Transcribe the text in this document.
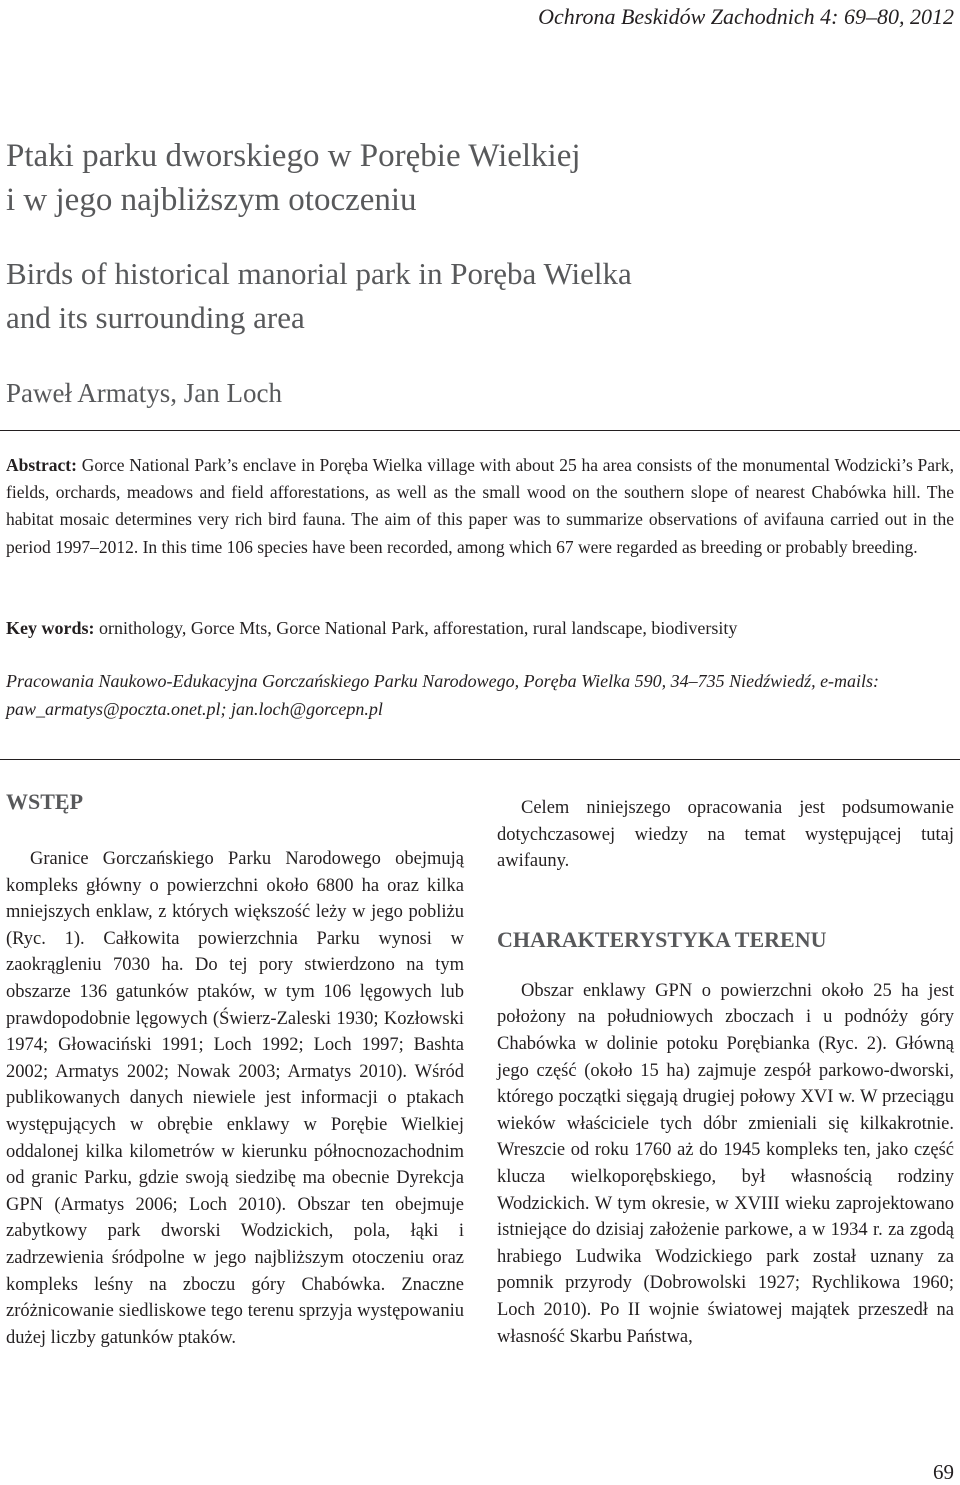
Ochrona Beskidów Zachodnich 4: 69–80, 2012
Ptaki parku dworskiego w Porębie Wielkiej
i w jego najbliższym otoczeniu
Birds of historical manorial park in Poręba Wielka
and its surrounding area
Paweł Armatys, Jan Loch

Abstract: Gorce National Park’s enclave in Poręba Wielka village with about 25 ha area consists of the monumental Wodzicki’s Park, fields, orchards, meadows and field afforestations, as well as the small wood on the southern slope of nearest Chabówka hill. The habitat mosaic determines very rich bird fauna. The aim of this paper was to summarize observations of avifauna carried out in the period 1997–2012. In this time 106 species have been recorded, among which 67 were regarded as breeding or probably breeding.

Key words: ornithology, Gorce Mts, Gorce National Park, afforestation, rural landscape, biodiversity

Pracowania Naukowo-Edukacyjna Gorczańskiego Parku Narodowego, Poręba Wielka 590, 34–735 Niedźwiedź, e-mails:
paw_armatys@poczta.onet.pl; jan.loch@gorcepn.pl

WSTĘP

Granice Gorczańskiego Parku Narodowego obejmują kompleks główny o powierzchni około 6800 ha oraz kilka mniejszych enklaw, z których większość leży w jego pobliżu (Ryc. 1). Całkowita powierzchnia Parku wynosi w zaokrągleniu 7030 ha. Do tej pory stwierdzono na tym obszarze 136 gatunków ptaków, w tym 106 lęgowych lub prawdopodobnie lęgowych (Świerz-Zaleski 1930; Kozłowski 1974; Głowaciński 1991; Loch 1992; Loch 1997; Bashta 2002; Armatys 2002; Nowak 2003; Armatys 2010). Wśród publikowanych danych niewiele jest informacji o ptakach występujących w obrębie enklawy w Porębie Wielkiej oddalonej kilka kilometrów w kierunku północnozachodnim od granic Parku, gdzie swoją siedzibę ma obecnie Dyrekcja GPN (Armatys 2006; Loch 2010). Obszar ten obejmuje zabytkowy park dworski Wodzickich, pola, łąki i zadrzewienia śródpolne w jego najbliższym otoczeniu oraz kompleks leśny na zboczu góry Chabówka. Znaczne zróżnicowanie siedliskowe tego terenu sprzyja występowaniu dużej liczby gatunków ptaków.

Celem niniejszego opracowania jest podsumowanie dotychczasowej wiedzy na temat występującej tutaj awifauny.

CHARAKTERYSTYKA TERENU

Obszar enklawy GPN o powierzchni około 25 ha jest położony na południowych zboczach i u podnóży góry Chabówka w dolinie potoku Porębianka (Ryc. 2). Główną jego część (około 15 ha) zajmuje zespół parkowo-dworski, którego początki sięgają drugiej połowy XVI w. W przeciągu wieków właściciele tych dóbr zmieniali się kilkakrotnie. Wreszcie od roku 1760 aż do 1945 kompleks ten, jako część klucza wielkoporębskiego, był własnością rodziny Wodzickich. W tym okresie, w XVIII wieku zaprojektowano istniejące do dzisiaj założenie parkowe, a w 1934 r. za zgodą hrabiego Ludwika Wodzickiego park został uznany za pomnik przyrody (Dobrowolski 1927; Rychlikowa 1960; Loch 2010). Po II wojnie światowej majątek przeszedł na własność Skarbu Państwa,

69
